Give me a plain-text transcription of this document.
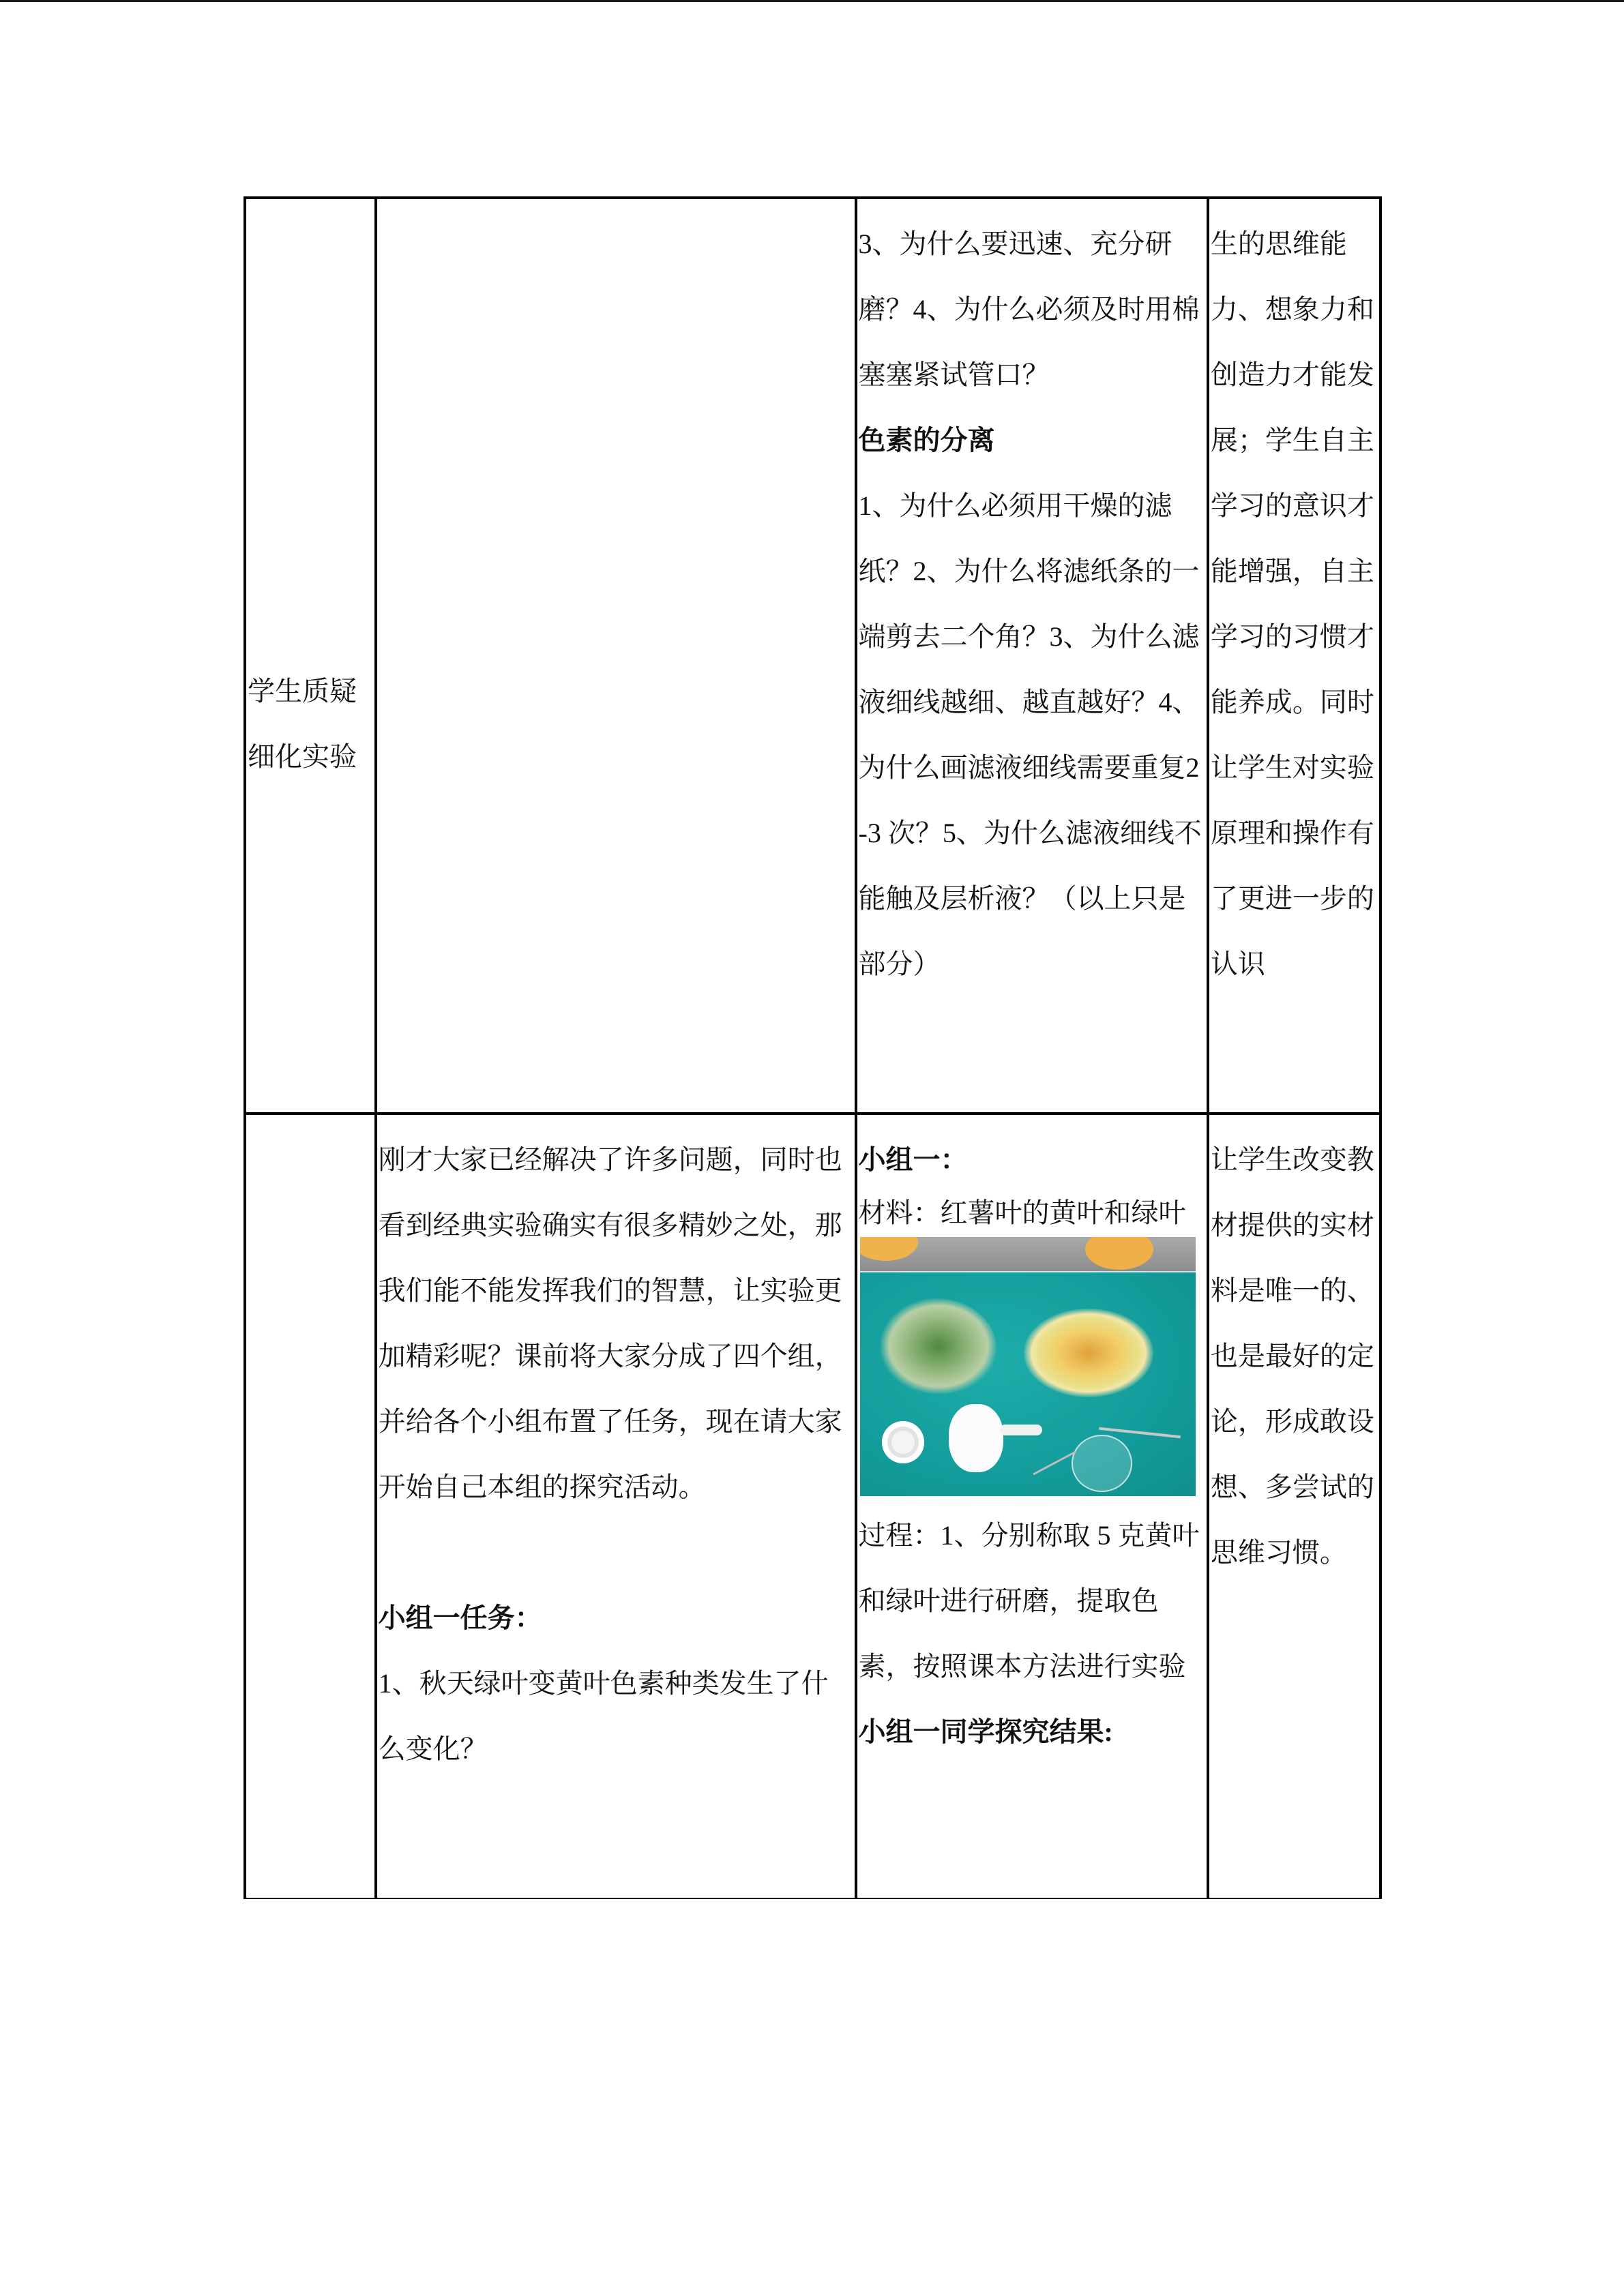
学生质疑
细化实验		3、为什么要迅速、充分研磨？4、为什么必须及时用棉塞塞紧试管口？
色素的分离
1、为什么必须用干燥的滤纸？2、为什么将滤纸条的一端剪去二个角？3、为什么滤液细线越细、越直越好？4、为什么画滤液细线需要重复2-3 次？5、为什么滤液细线不能触及层析液？（以上只是部分）	生的思维能力、想象力和创造力才能发展；学生自主学习的意识才能增强，自主学习的习惯才能养成。同时让学生对实验原理和操作有了更进一步的认识

	刚才大家已经解决了许多问题，同时也看到经典实验确实有很多精妙之处，那我们能不能发挥我们的智慧，让实验更加精彩呢？课前将大家分成了四个组，并给各个小组布置了任务，现在请大家开始自己本组的探究活动。
小组一任务：
1、秋天绿叶变黄叶色素种类发生了什么变化？	小组一：
材料：红薯叶的黄叶和绿叶
过程：1、分别称取 5 克黄叶和绿叶进行研磨，提取色素，按照课本方法进行实验
小组一同学探究结果:	让学生改变教材提供的实材料是唯一的、也是最好的定论，形成敢设想、多尝试的思维习惯。
